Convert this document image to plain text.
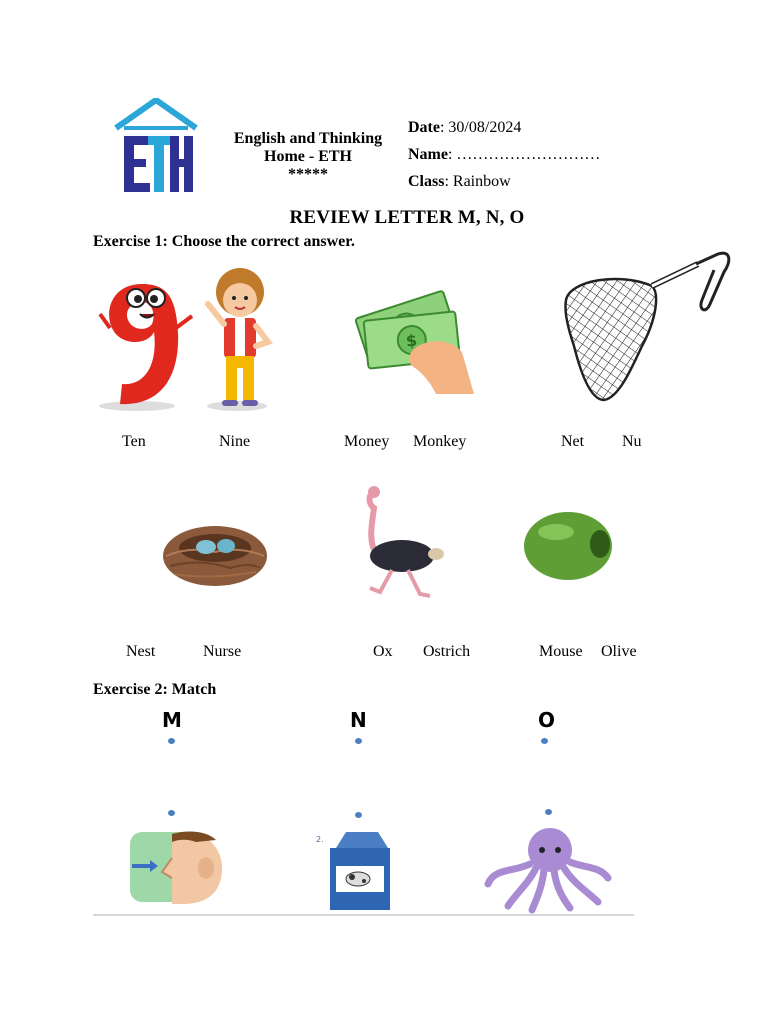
English and Thinking
Home - ETH
*****
Date: 30/08/2024
Name: ………………………
Class: Rainbow
REVIEW LETTER M, N, O
Exercise 1: Choose the correct answer.
$
Ten	Nine	Money Monkey	Net Nu
Nest	Nurse	Ox Ostrich	Mouse Olive
Exercise 2: Match
M	N	O
2.
